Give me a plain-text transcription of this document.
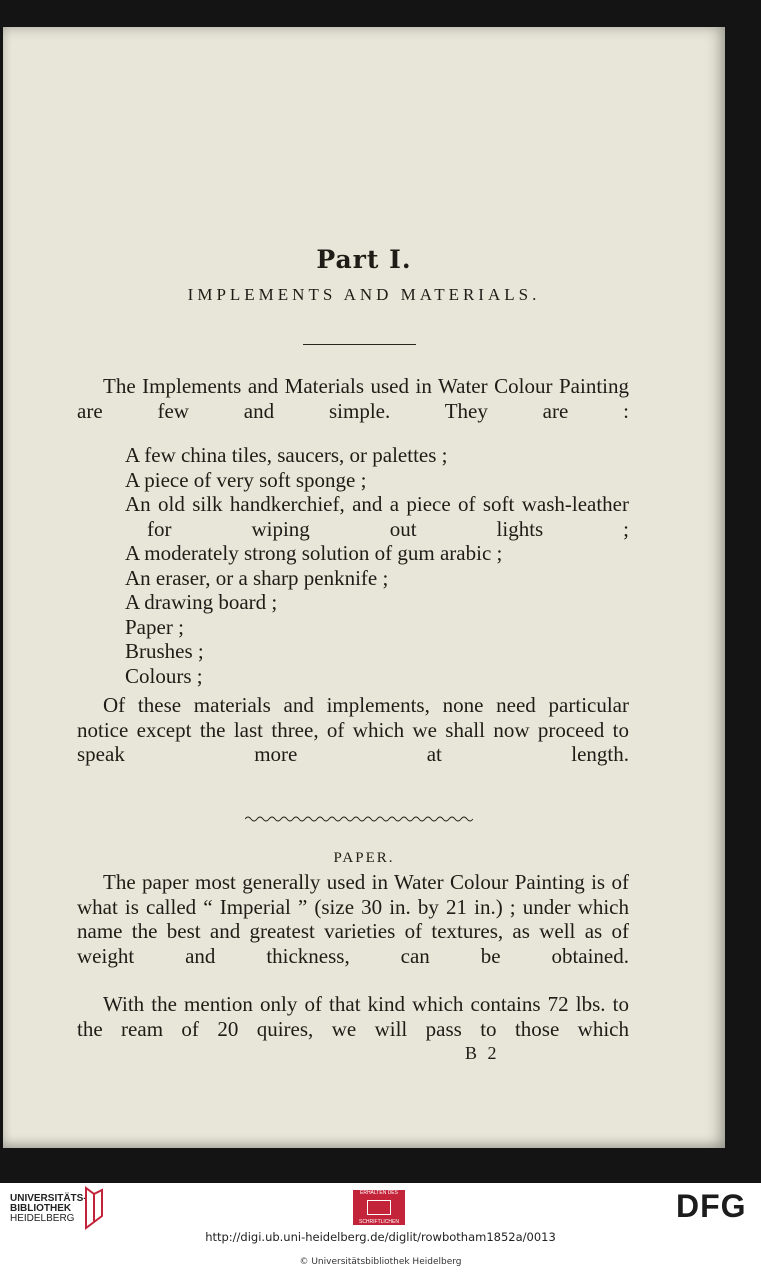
Part I.
IMPLEMENTS AND MATERIALS.
The Implements and Materials used in Water Colour Painting are few and simple. They are :
A few china tiles, saucers, or palettes ;
A piece of very soft sponge ;
An old silk handkerchief, and a piece of soft wash-leather for wiping out lights ;
A moderately strong solution of gum arabic ;
An eraser, or a sharp penknife ;
A drawing board ;
Paper ;
Brushes ;
Colours ;
Of these materials and implements, none need particular notice except the last three, of which we shall now proceed to speak more at length.
PAPER.
The paper most generally used in Water Colour Painting is of what is called “ Imperial ” (size 30 in. by 21 in.) ; under which name the best and greatest varieties of textures, as well as of weight and thickness, can be obtained.
With the mention only of that kind which contains 72 lbs. to the ream of 20 quires, we will pass to those which
B 2
UNIVERSITÄTS-
BIBLIOTHEK
HEIDELBERG
ERHALTEN DES
SCHRIFTLICHEN	DFG
http://digi.ub.uni-heidelberg.de/diglit/rowbotham1852a/0013
© Universitätsbibliothek Heidelberg
